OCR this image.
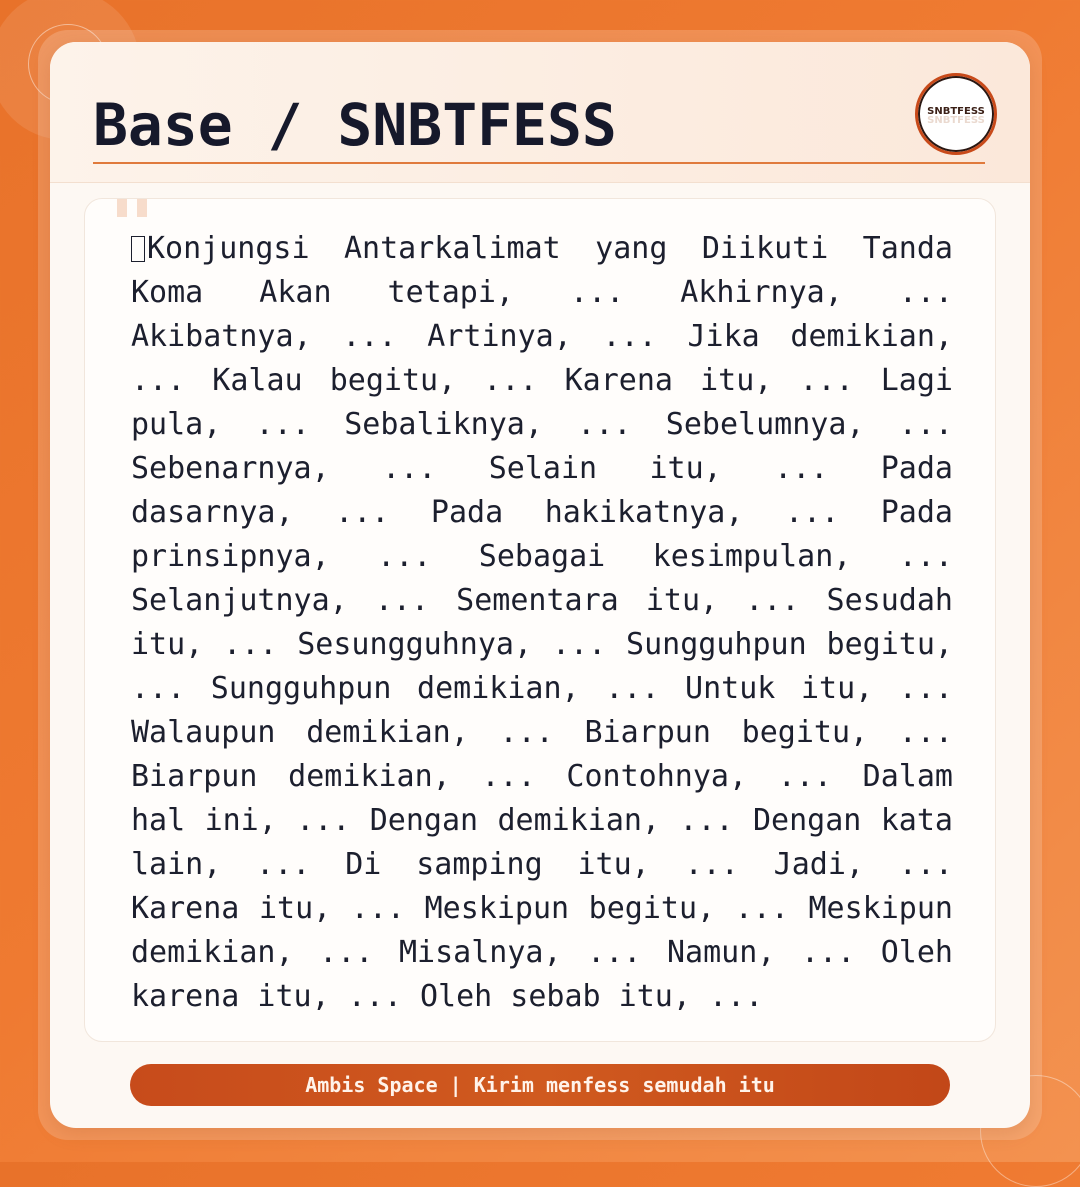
Base / SNBTFESS	SNBTFESS
SNBTFESS

Konjungsi Antarkalimat yang Diikuti Tanda Koma Akan tetapi, ... Akhirnya, ... Akibatnya, ... Artinya, ... Jika demikian, ... Kalau begitu, ... Karena itu, ... Lagi pula, ... Sebaliknya, ... Sebelumnya, ... Sebenarnya, ... Selain itu, ... Pada dasarnya, ... Pada hakikatnya, ... Pada prinsipnya, ... Sebagai kesimpulan, ... Selanjutnya, ... Sementara itu, ... Sesudah itu, ... Sesungguhnya, ... Sungguhpun begitu, ... Sungguhpun demikian, ... Untuk itu, ... Walaupun demikian, ... Biarpun begitu, ... Biarpun demikian, ... Contohnya, ... Dalam hal ini, ... Dengan demikian, ... Dengan kata lain, ... Di samping itu, ... Jadi, ... Karena itu, ... Meskipun begitu, ... Meskipun demikian, ... Misalnya, ... Namun, ... Oleh karena itu, ... Oleh sebab itu, ...

Ambis Space | Kirim menfess semudah itu
